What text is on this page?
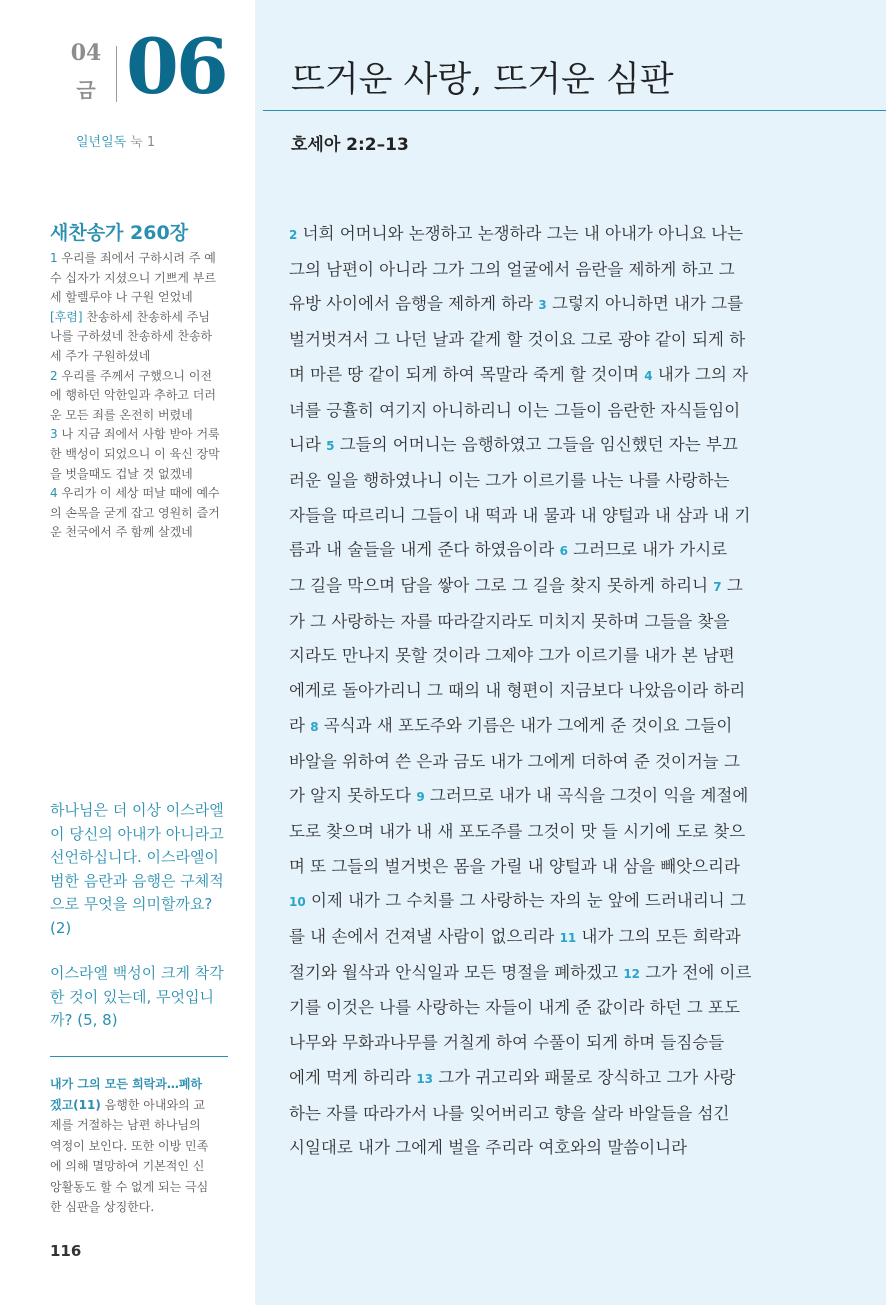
04
금 06
일년일독 눅 1
새찬송가 260장
1 우리를 죄에서 구하시려 주 예
수 십자가 지셨으니 기쁘게 부르
세 할렐루야 나 구원 얻었네
[후렴] 찬송하세 찬송하세 주님
나를 구하셨네 찬송하세 찬송하
세 주가 구원하셨네
2 우리를 주께서 구했으니 이전
에 행하던 악한일과 추하고 더러
운 모든 죄를 온전히 버렸네
3 나 지금 죄에서 사함 받아 거룩
한 백성이 되었으니 이 육신 장막
을 벗을때도 겁날 것 없겠네
4 우리가 이 세상 떠날 때에 예수
의 손목을 굳게 잡고 영원히 즐거
운 천국에서 주 함께 살겠네
하나님은 더 이상 이스라엘
이 당신의 아내가 아니라고
선언하십니다. 이스라엘이
범한 음란과 음행은 구체적
으로 무엇을 의미할까요?
(2)
이스라엘 백성이 크게 착각
한 것이 있는데, 무엇입니
까? (5, 8)
내가 그의 모든 희락과…폐하
겠고(11) 음행한 아내와의 교
제를 거절하는 남편 하나님의
역정이 보인다. 또한 이방 민족
에 의해 멸망하여 기본적인 신
앙활동도 할 수 없게 되는 극심
한 심판을 상징한다.
116
뜨거운 사랑, 뜨거운 심판
호세아 2:2–13
2 너희 어머니와 논쟁하고 논쟁하라 그는 내 아내가 아니요 나는
그의 남편이 아니라 그가 그의 얼굴에서 음란을 제하게 하고 그
유방 사이에서 음행을 제하게 하라 3 그렇지 아니하면 내가 그를
벌거벗겨서 그 나던 날과 같게 할 것이요 그로 광야 같이 되게 하
며 마른 땅 같이 되게 하여 목말라 죽게 할 것이며 4 내가 그의 자
녀를 긍휼히 여기지 아니하리니 이는 그들이 음란한 자식들임이
니라 5 그들의 어머니는 음행하였고 그들을 임신했던 자는 부끄
러운 일을 행하였나니 이는 그가 이르기를 나는 나를 사랑하는
자들을 따르리니 그들이 내 떡과 내 물과 내 양털과 내 삼과 내 기
름과 내 술들을 내게 준다 하였음이라 6 그러므로 내가 가시로
그 길을 막으며 담을 쌓아 그로 그 길을 찾지 못하게 하리니 7 그
가 그 사랑하는 자를 따라갈지라도 미치지 못하며 그들을 찾을
지라도 만나지 못할 것이라 그제야 그가 이르기를 내가 본 남편
에게로 돌아가리니 그 때의 내 형편이 지금보다 나았음이라 하리
라 8 곡식과 새 포도주와 기름은 내가 그에게 준 것이요 그들이
바알을 위하여 쓴 은과 금도 내가 그에게 더하여 준 것이거늘 그
가 알지 못하도다 9 그러므로 내가 내 곡식을 그것이 익을 계절에
도로 찾으며 내가 내 새 포도주를 그것이 맛 들 시기에 도로 찾으
며 또 그들의 벌거벗은 몸을 가릴 내 양털과 내 삼을 빼앗으리라
10 이제 내가 그 수치를 그 사랑하는 자의 눈 앞에 드러내리니 그
를 내 손에서 건져낼 사람이 없으리라 11 내가 그의 모든 희락과
절기와 월삭과 안식일과 모든 명절을 폐하겠고 12 그가 전에 이르
기를 이것은 나를 사랑하는 자들이 내게 준 값이라 하던 그 포도
나무와 무화과나무를 거칠게 하여 수풀이 되게 하며 들짐승들
에게 먹게 하리라 13 그가 귀고리와 패물로 장식하고 그가 사랑
하는 자를 따라가서 나를 잊어버리고 향을 살라 바알들을 섬긴
시일대로 내가 그에게 벌을 주리라 여호와의 말씀이니라
